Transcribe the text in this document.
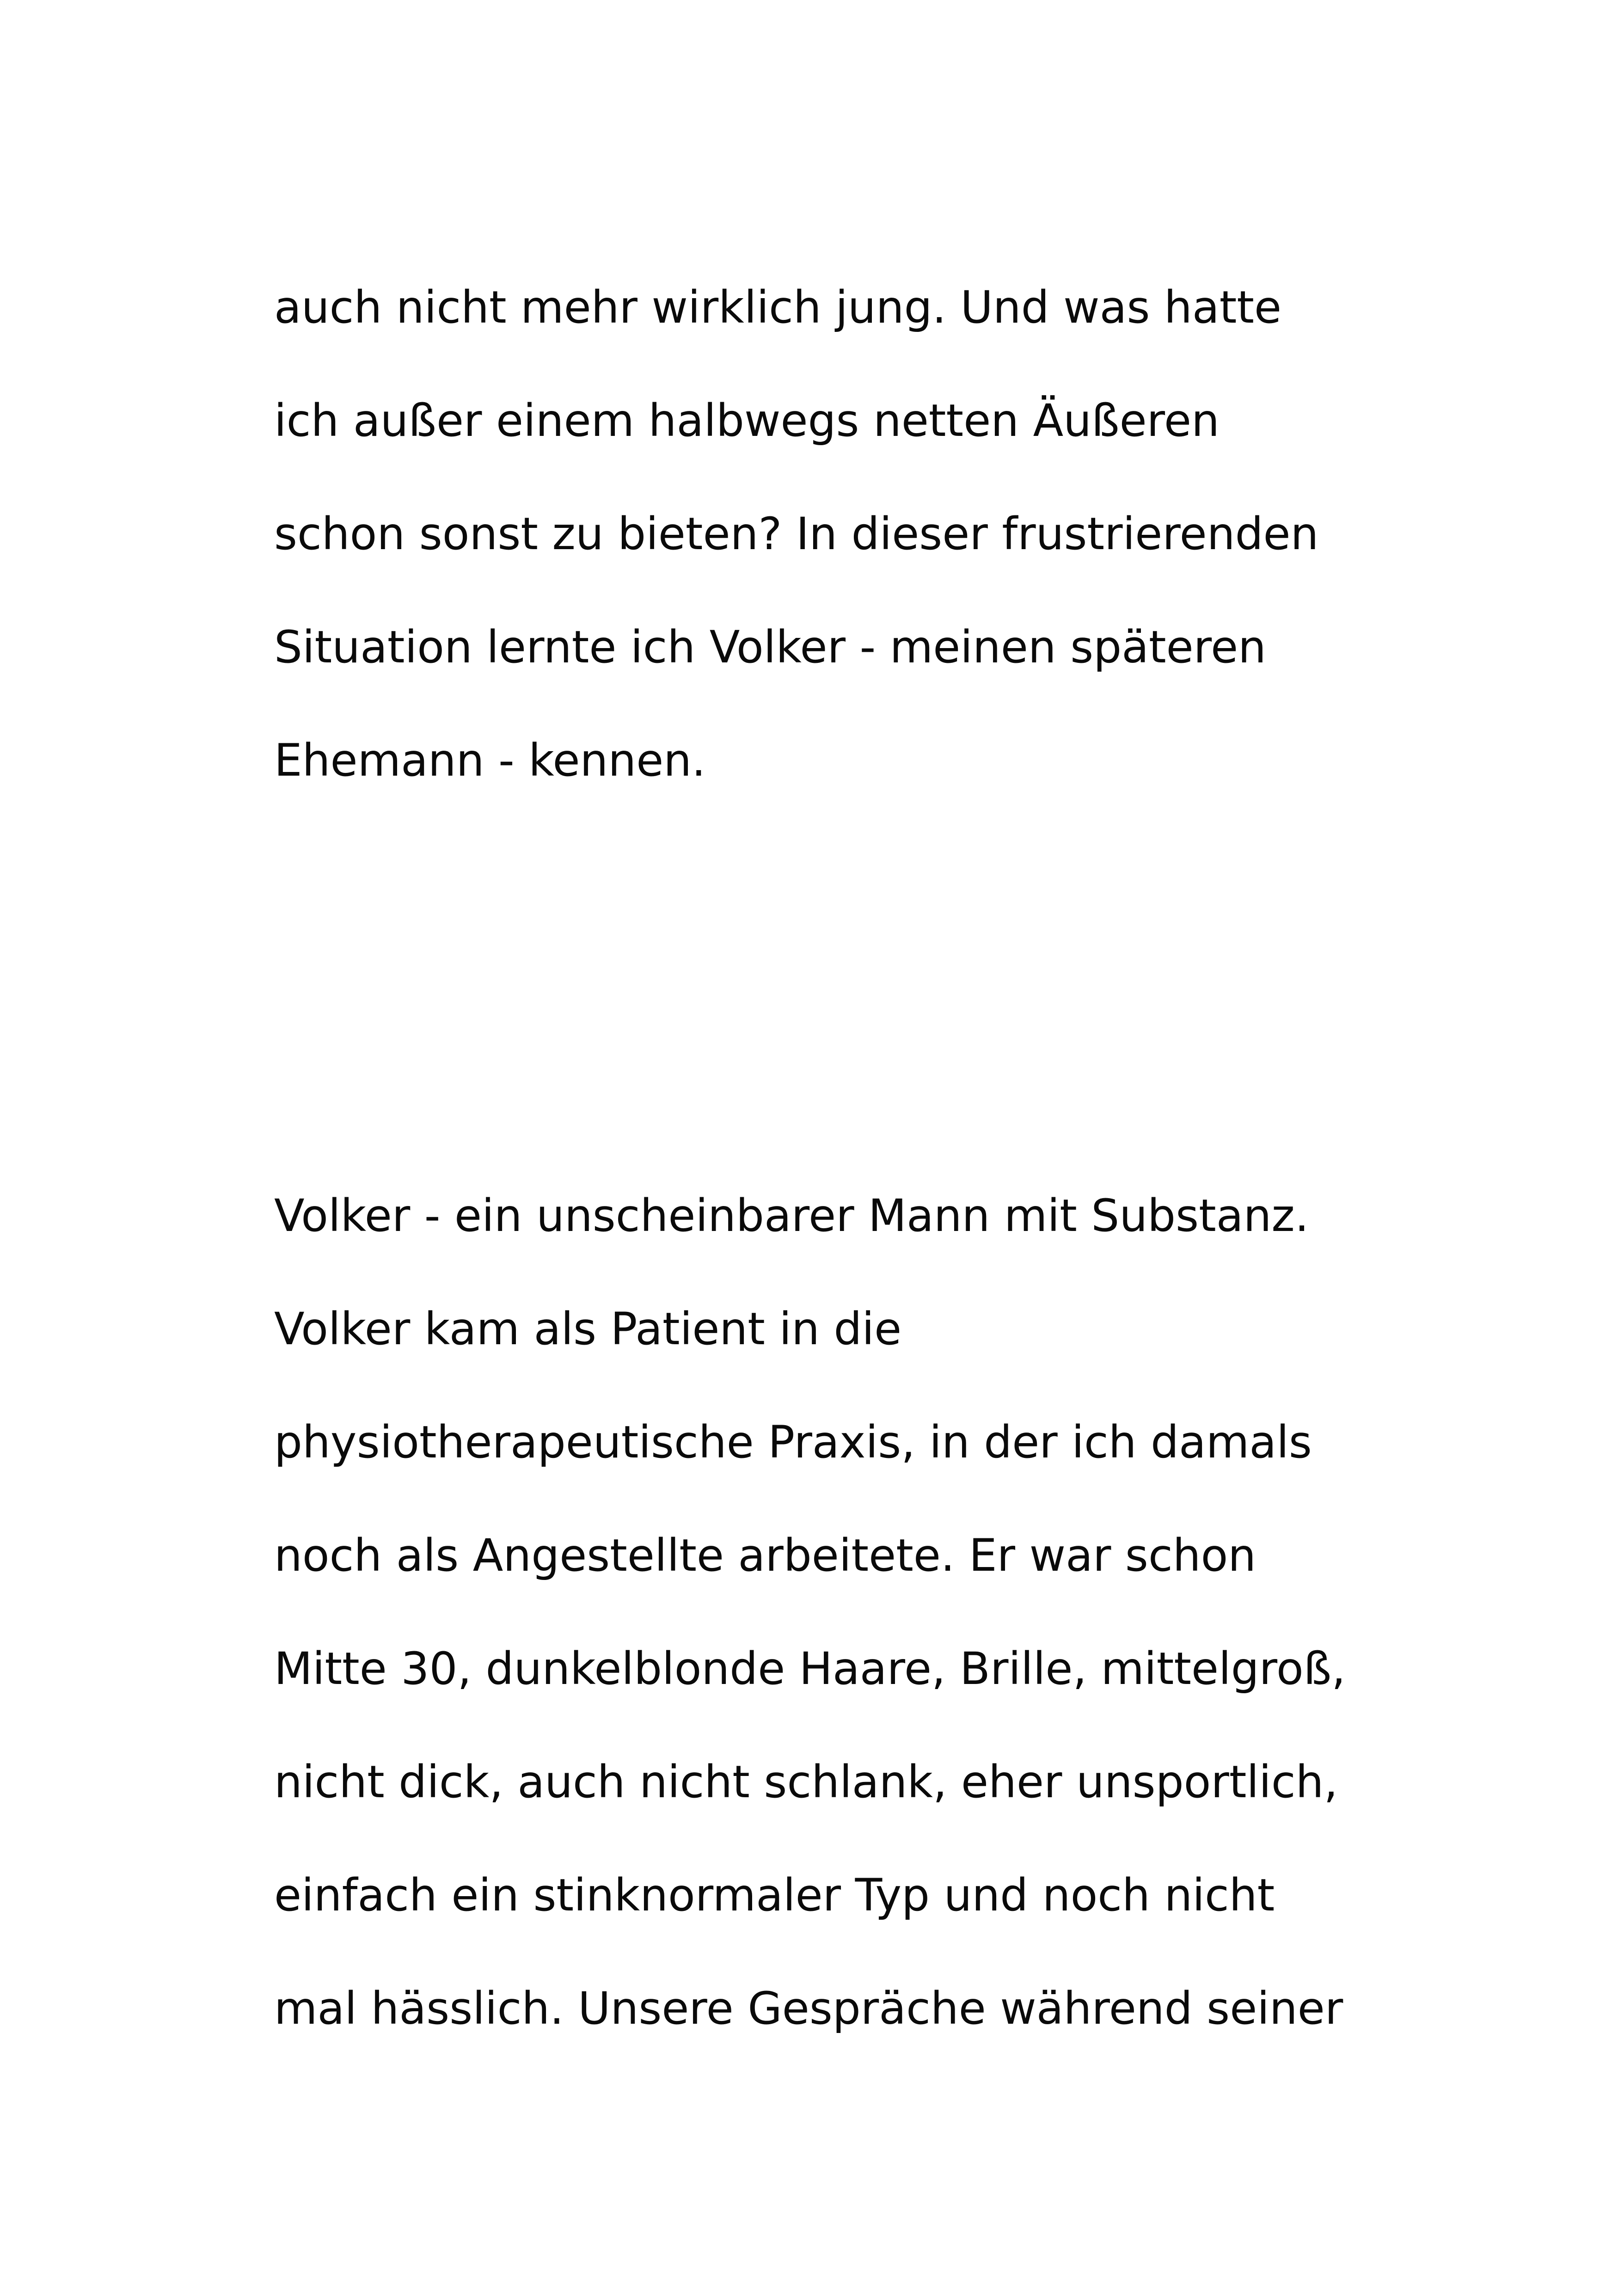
auch nicht mehr wirklich jung. Und was hatte

ich außer einem halbwegs netten Äußeren

schon sonst zu bieten? In dieser frustrierenden

Situation lernte ich Volker - meinen späteren

Ehemann - kennen.

Volker - ein unscheinbarer Mann mit Substanz.

Volker kam als Patient in die

physiotherapeutische Praxis, in der ich damals

noch als Angestellte arbeitete. Er war schon

Mitte 30, dunkelblonde Haare, Brille, mittelgroß,

nicht dick, auch nicht schlank, eher unsportlich,

einfach ein stinknormaler Typ und noch nicht

mal hässlich. Unsere Gespräche während seiner
